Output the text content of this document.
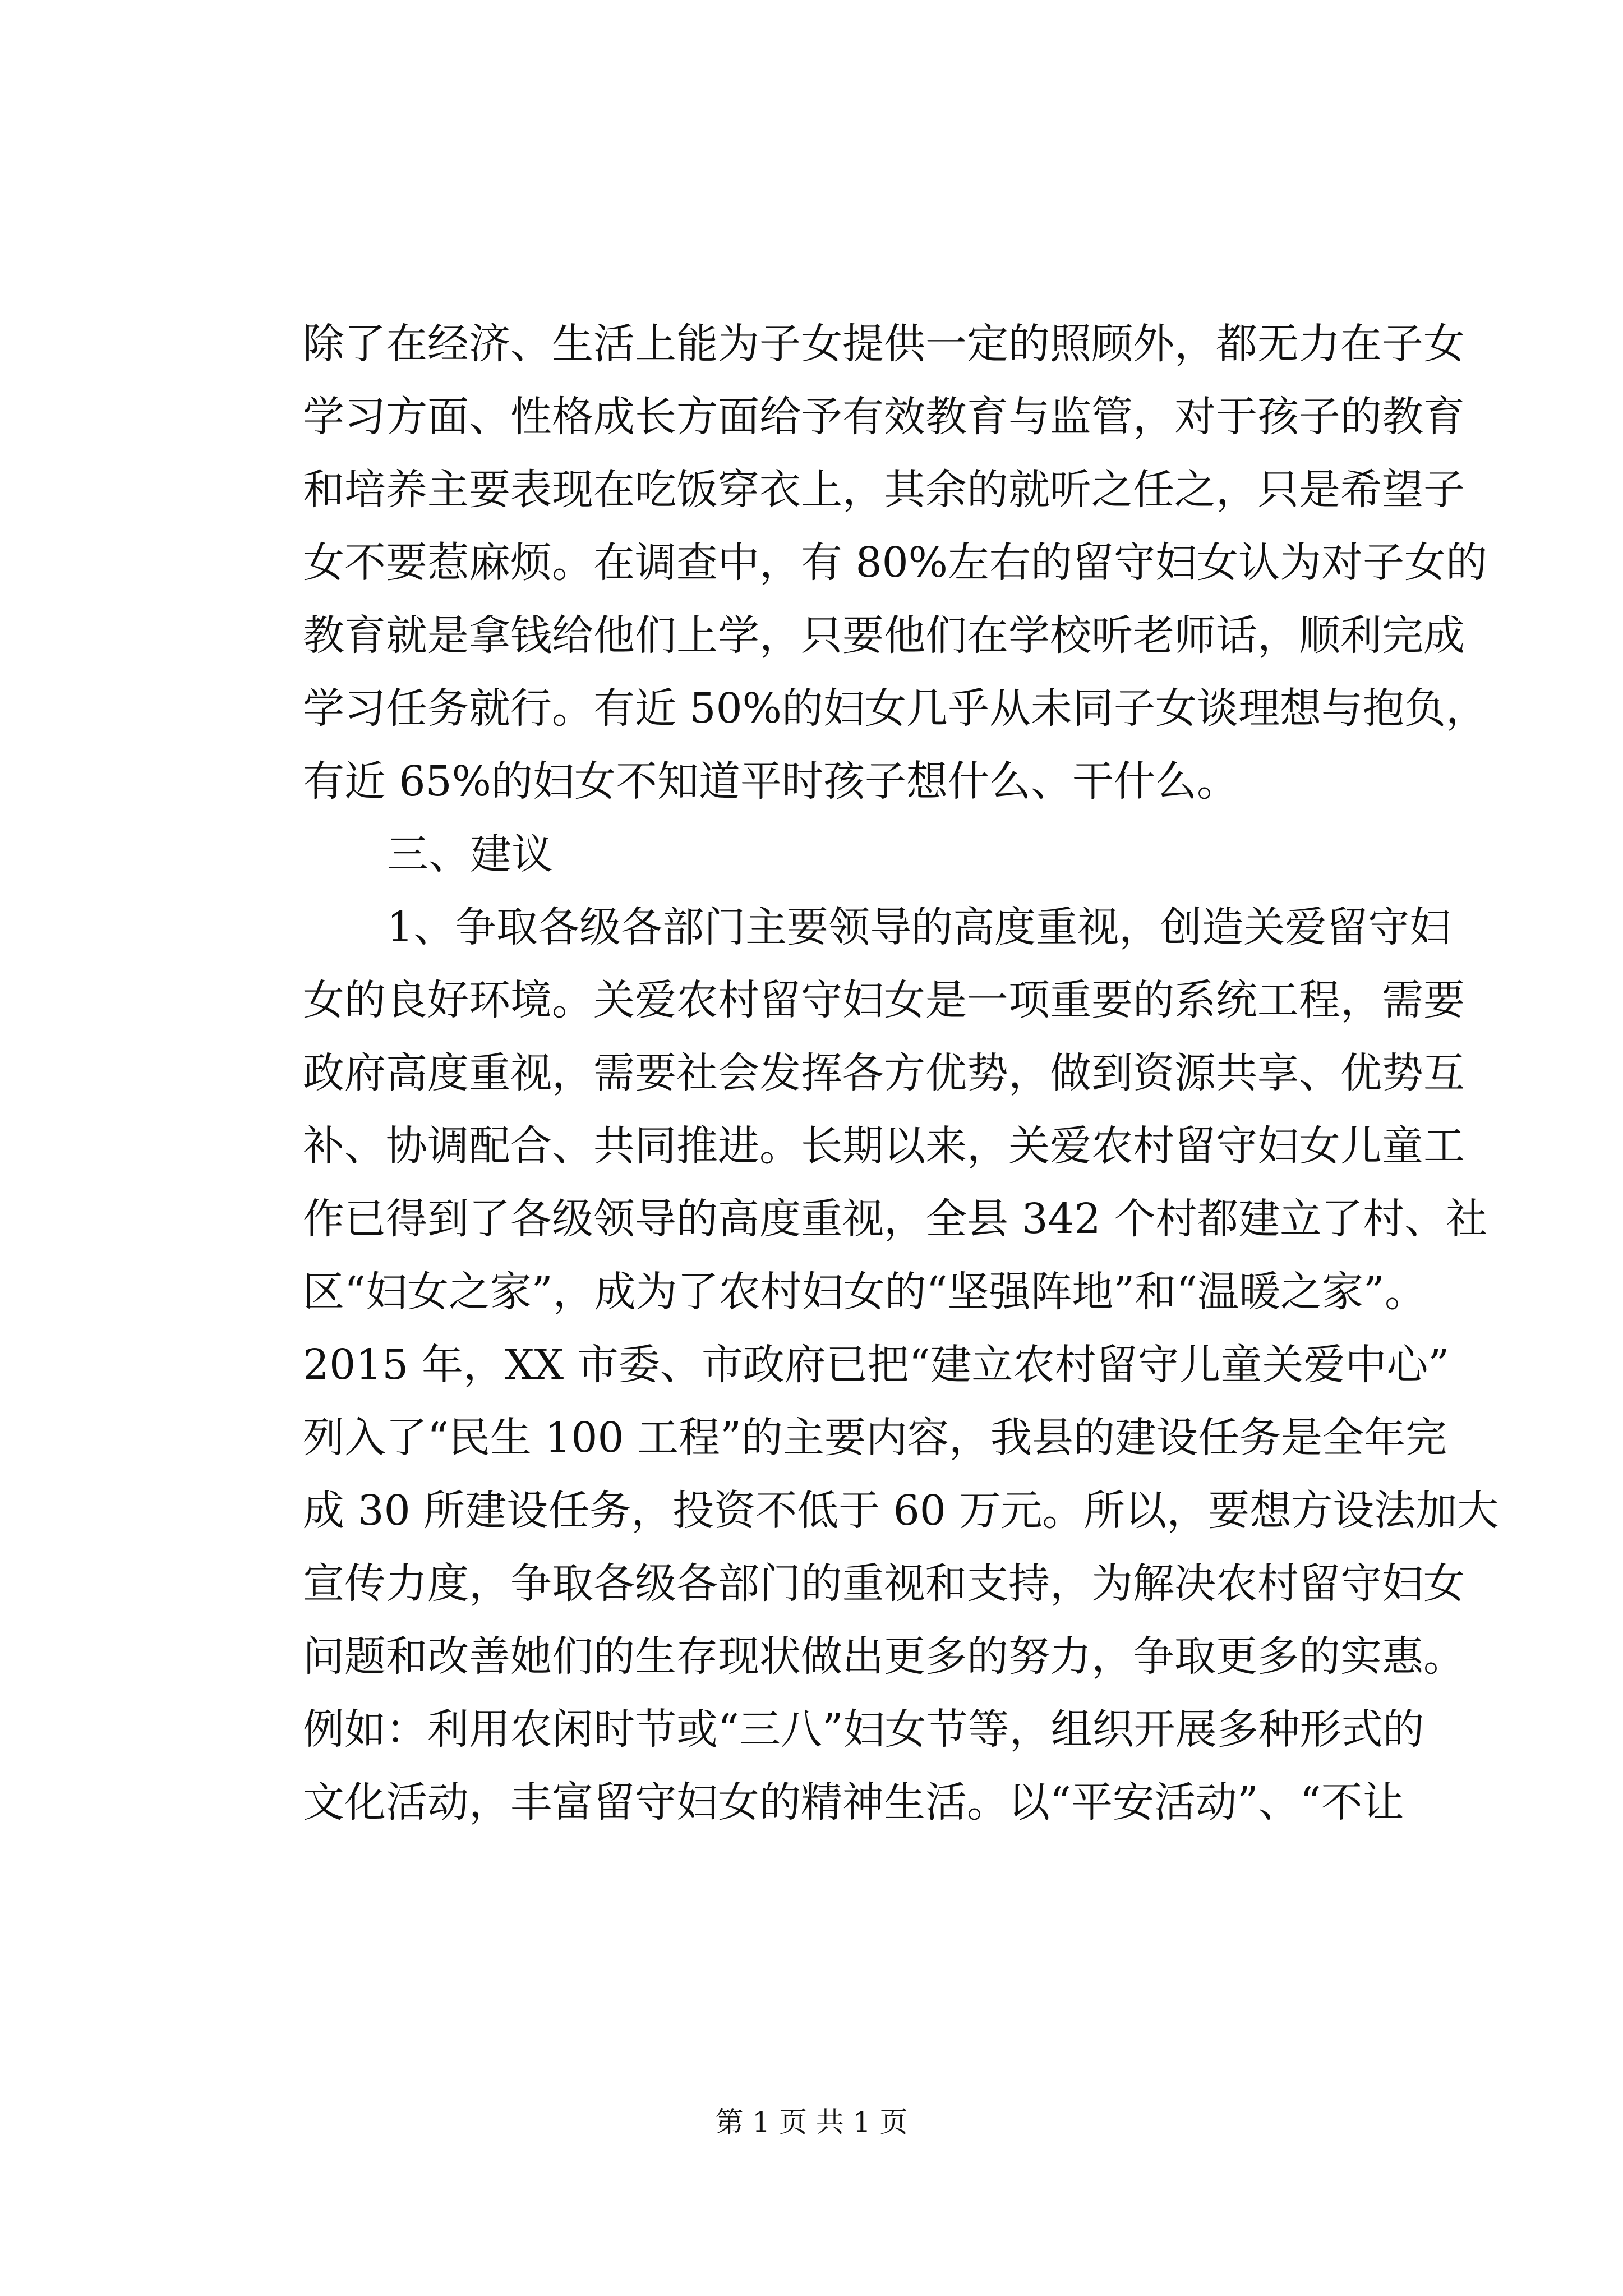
除了在经济、生活上能为子女提供一定的照顾外，都无力在子女
学习方面、性格成长方面给予有效教育与监管，对于孩子的教育
和培养主要表现在吃饭穿衣上，其余的就听之任之，只是希望子
女不要惹麻烦。在调查中，有 80%左右的留守妇女认为对子女的
教育就是拿钱给他们上学，只要他们在学校听老师话，顺利完成
学习任务就行。有近 50%的妇女几乎从未同子女谈理想与抱负，
有近 65%的妇女不知道平时孩子想什么、干什么。
三、建议
1、争取各级各部门主要领导的高度重视，创造关爱留守妇
女的良好环境。关爱农村留守妇女是一项重要的系统工程，需要
政府高度重视，需要社会发挥各方优势，做到资源共享、优势互
补、协调配合、共同推进。长期以来，关爱农村留守妇女儿童工
作已得到了各级领导的高度重视，全县 342 个村都建立了村、社
区“妇女之家”，成为了农村妇女的“坚强阵地”和“温暖之家”。
2015 年，XX 市委、市政府已把“建立农村留守儿童关爱中心”
列入了“民生 100 工程”的主要内容，我县的建设任务是全年完
成 30 所建设任务，投资不低于 60 万元。所以，要想方设法加大
宣传力度，争取各级各部门的重视和支持，为解决农村留守妇女
问题和改善她们的生存现状做出更多的努力，争取更多的实惠。
例如：利用农闲时节或“三八”妇女节等，组织开展多种形式的
文化活动，丰富留守妇女的精神生活。以“平安活动”、“不让
第 1 页 共 1 页
